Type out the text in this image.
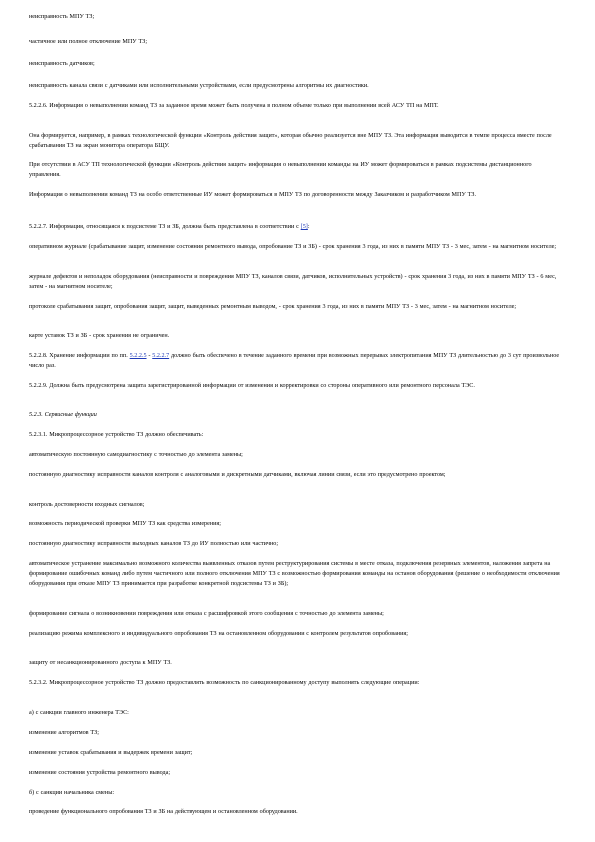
неисправность МПУ ТЗ;

частичное или полное отключение МПУ ТЗ;

неисправность датчиков;

неисправность канала связи с датчиками или исполнительными устройствами, если предусмотрены алгоритмы их диагностики.

5.2.2.6. Информация о невыполнении команд ТЗ за заданное время может быть получена в полном объеме только при выполнении всей АСУ ТП на МПТ.

Она формируется, например, в рамках технологической функции «Контроль действия защит», которая обычно реализуется вне МПУ ТЗ. Эта информация выводится в темпе процесса вместе после срабатывания ТЗ на экран монитора оператора БЩУ.

При отсутствии в АСУ ТП технологической функции «Контроль действия защит» информация о невыполнении команды на ИУ может формироваться в рамках подсистемы дистанционного управления.

Информация о невыполнении команд ТЗ на особо ответственные ИУ может формироваться в МПУ ТЗ по договоренности между Заказчиком и разработчиком МПУ ТЗ.

5.2.2.7. Информация, относящаяся к подсистеме ТЗ и ЗБ, должна быть представлена в соответствии с [5]:

оперативном журнале (срабатывание защит, изменение состояния ремонтного вывода, опробование ТЗ и ЗБ) - срок хранения 3 года, из них в памяти МПУ ТЗ - 3 мес, затем - на магнитном носителе;

журнале дефектов и неполадок оборудования (неисправности и повреждения МПУ ТЗ, каналов связи, датчиков, исполнительных устройств) - срок хранения 3 года, из них в памяти МПУ ТЗ - 6 мес, затем - на магнитном носителе;

протоколе срабатывания защит, опробования защит, защит, выведенных ремонтным выводом, - срок хранения 3 года, из них в памяти МПУ ТЗ - 3 мес, затем - на магнитном носителе;

карте уставок ТЗ и ЗБ - срок хранения не ограничен.

5.2.2.8. Хранение информации по пп. 5.2.2.5 - 5.2.2.7 должно быть обеспечено в течение заданного времени при возможных перерывах электропитания МПУ ТЗ длительностью до 3 сут произвольное число раз.

5.2.2.9. Должна быть предусмотрена защита зарегистрированной информации от изменения и корректировки со стороны оперативного или ремонтного персонала ТЭС.

5.2.3. Сервисные функции

5.2.3.1. Микропроцессорное устройство ТЗ должно обеспечивать:

автоматическую постоянную самодиагностику с точностью до элемента замены;

постоянную диагностику исправности каналов контроля с аналоговыми и дискретными датчиками, включая линии связи, если это предусмотрено проектом;

контроль достоверности входных сигналов;

возможность периодической проверки МПУ ТЗ как средства измерения;

постоянную диагностику исправности выходных каналов ТЗ до ИУ полностью или частично;

автоматическое устранение максимально возможного количества выявленных отказов путем реструктурирования системы в месте отказа, подключения резервных элементов, наложения запрета на формирование ошибочных команд либо путем частичного или полного отключения МПУ ТЗ с возможностью формирования команды на останов оборудования (решение о необходимости отключения оборудования при отказе МПУ ТЗ принимается при разработке конкретной подсистемы ТЗ и ЗБ);

формирование сигнала о возникновении повреждения или отказа с расшифровкой этого сообщения с точностью до элемента замены;

реализацию режима комплексного и индивидуального опробования ТЗ на остановленном оборудовании с контролем результатов опробования;

защиту от несанкционированного доступа к МПУ ТЗ.

5.2.3.2. Микропроцессорное устройство ТЗ должно предоставлять возможность по санкционированному доступу выполнять следующие операции:

а) с санкции главного инженера ТЭС:

изменение алгоритмов ТЗ;

изменение уставок срабатывания и выдержек времени защит;

изменение состояния устройства ремонтного вывода;

б) с санкции начальника смены:

проведение функционального опробования ТЗ и ЗБ на действующем и остановленном оборудовании.
